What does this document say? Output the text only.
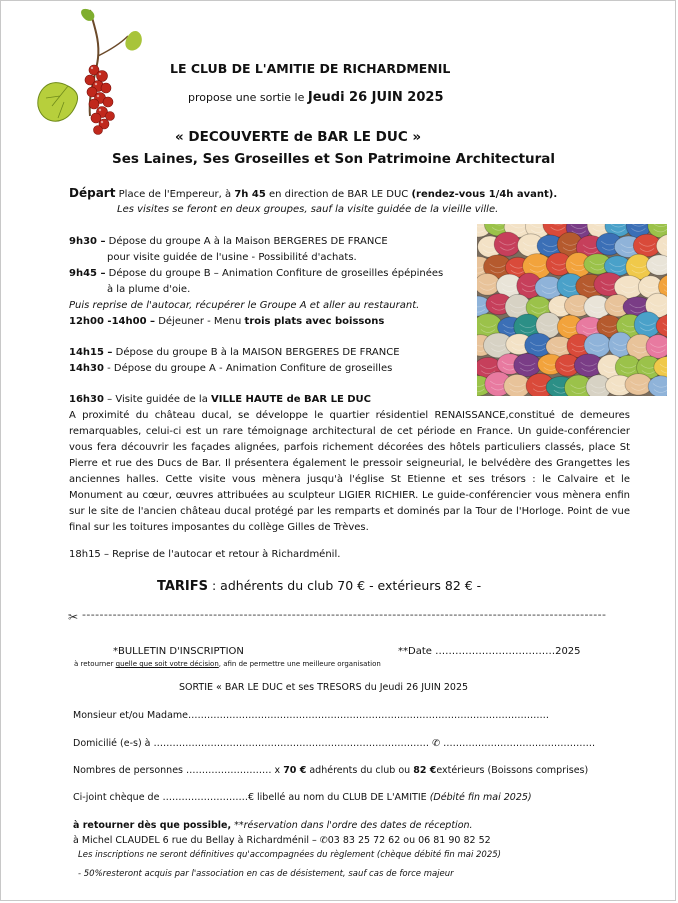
LE CLUB DE L'AMITIE DE RICHARDMENIL
propose une sortie le Jeudi 26 JUIN 2025
« DECOUVERTE de BAR LE DUC »
Ses Laines, Ses Groseilles et Son Patrimoine Architectural
Départ Place de l'Empereur, à 7h 45 en direction de BAR LE DUC (rendez-vous 1/4h avant).
Les visites se feront en deux groupes, sauf la visite guidée de la vieille ville.
9h30 – Dépose du groupe A à la Maison BERGERES DE FRANCE
pour visite guidée de l'usine - Possibilité d'achats.
9h45 – Dépose du groupe B – Animation Confiture de groseilles épépinées
à la plume d'oie.
Puis reprise de l'autocar, récupérer le Groupe A et aller au restaurant.
12h00 -14h00 – Déjeuner - Menu trois plats avec boissons
14h15 – Dépose du groupe B à la MAISON BERGERES DE FRANCE
14h30 - Dépose du groupe A - Animation Confiture de groseilles
16h30 – Visite guidée de la VILLE HAUTE de BAR LE DUC
A proximité du château ducal, se développe le quartier résidentiel RENAISSANCE,constitué de demeures remarquables, celui-ci est un rare témoignage architectural de cet période en France. Un guide-conférencier vous fera découvrir les façades alignées, parfois richement décorées des hôtels particuliers classés, place St Pierre et rue des Ducs de Bar. Il présentera également le pressoir seigneurial, le belvédère des Grangettes les anciennes halles. Cette visite vous mènera jusqu'à l'église St Etienne et ses trésors : le Calvaire et le Monument au cœur, œuvres attribuées au sculpteur LIGIER RICHIER. Le guide-conférencier vous mènera enfin sur le site de l'ancien château ducal protégé par les remparts et dominés par la Tour de l'Horloge. Point de vue final sur les toitures imposantes du collège Gilles de Trèves.
18h15 – Reprise de l'autocar et retour à Richardménil.
TARIFS : adhérents du club 70 € - extérieurs 82 € -
✂ ------------------------------------------------------------------------------------------------------------------------
*BULLETIN D'INSCRIPTION	**Date ………………………………2025
à retourner quelle que soit votre décision, afin de permettre une meilleure organisation
SORTIE « BAR LE DUC et ses TRESORS du Jeudi 26 JUIN 2025
Monsieur et/ou Madame……………………………………………………………………………………………………
Domicilié (e-s) à …………………………………………………………………………… ✆ …………………………………………
Nombres de personnes ……………………… x 70 € adhérents du club ou 82 €extérieurs (Boissons comprises)
Ci-joint chèque de ………………………€ libellé au nom du CLUB DE L'AMITIE (Débité fin mai 2025)
à retourner dès que possible, **réservation dans l'ordre des dates de réception.
à Michel CLAUDEL 6 rue du Bellay à Richardménil – ✆03 83 25 72 62 ou 06 81 90 82 52
Les inscriptions ne seront définitives qu'accompagnées du règlement (chèque débité fin mai 2025)
- 50%resteront acquis par l'association en cas de désistement, sauf cas de force majeur
